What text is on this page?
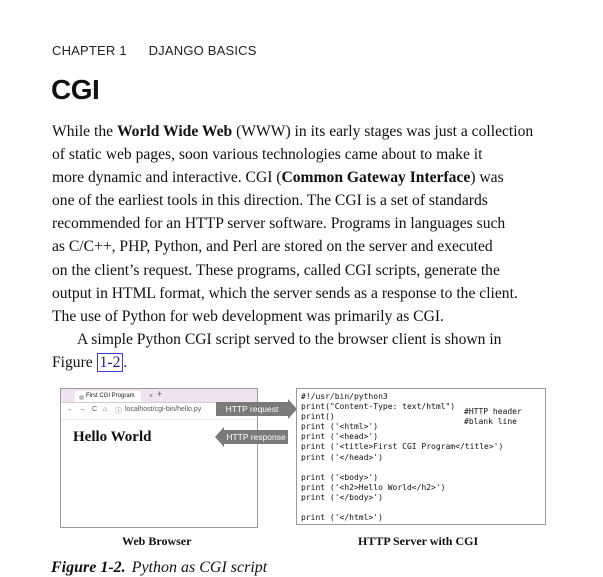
CHAPTER 1 DJANGO BASICS
CGI
While the World Wide Web (WWW) in its early stages was just a collection
of static web pages, soon various technologies came about to make it
more dynamic and interactive. CGI (Common Gateway Interface) was
one of the earliest tools in this direction. The CGI is a set of standards
recommended for an HTTP server software. Programs in languages such
as C/C++, PHP, Python, and Perl are stored on the server and executed
on the client’s request. These programs, called CGI scripts, generate the
output in HTML format, which the server sends as a response to the client.
The use of Python for web development was primarily as CGI.
A simple Python CGI script served to the browser client is shown in
Figure 1-2 .
First CGI Program × +
← → C ⌂ ⓘ localhost/cgi-bin/hello.py
Hello World
HTTP request
HTTP response
#!/usr/bin/python3
print("Content-Type: text/html")
print()
print ('<html>')
print ('<head>')
print ('<title>First CGI Program</title>')
print ('</head>')
print ('<body>')
print ('<h2>Hello World</h2>')
print ('</body>')
print ('</html>')
#HTTP header
#blank line
Web Browser	HTTP Server with CGI
Figure 1-2. Python as CGI script
